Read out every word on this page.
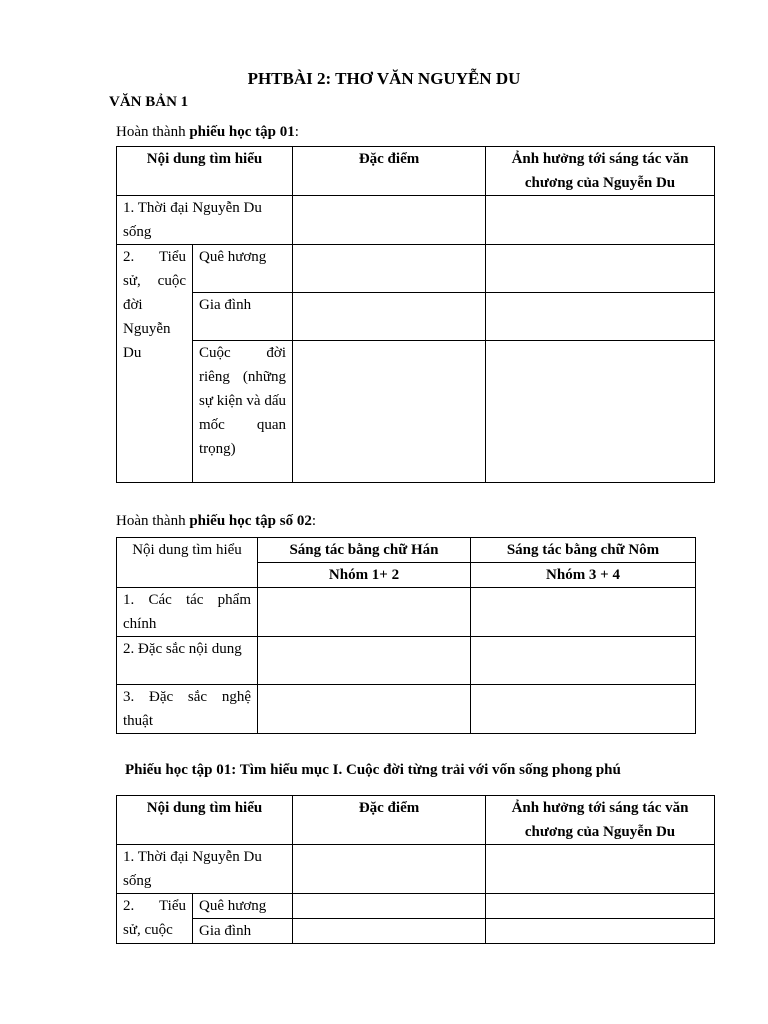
PHTBÀI 2: THƠ VĂN NGUYỄN DU
VĂN BẢN 1
Hoàn thành phiếu học tập 01:
Nội dung tìm hiểu		Đặc điểm	Ảnh hưởng tới sáng tác văn chương của Nguyễn Du
1. Thời đại Nguyễn Du sống			
2. Tiểu sử, cuộc đời Nguyễn Du	Quê hương		
	Gia đình		
	Cuộc đời riêng (những sự kiện và dấu mốc quan trọng)		
Hoàn thành phiếu học tập số 02:
Nội dung tìm hiểu	Sáng tác bằng chữ Hán	Sáng tác bằng chữ Nôm
	Nhóm 1+ 2	Nhóm 3 + 4
1. Các tác phẩm chính		
2. Đặc sắc nội dung		
3. Đặc sắc nghệ thuật		
Phiếu học tập 01: Tìm hiểu mục I. Cuộc đời từng trải với vốn sống phong phú
Nội dung tìm hiểu		Đặc điểm	Ảnh hưởng tới sáng tác văn chương của Nguyễn Du
1. Thời đại Nguyễn Du sống			
2. Tiểu sử, cuộc	Quê hương		
	Gia đình		
